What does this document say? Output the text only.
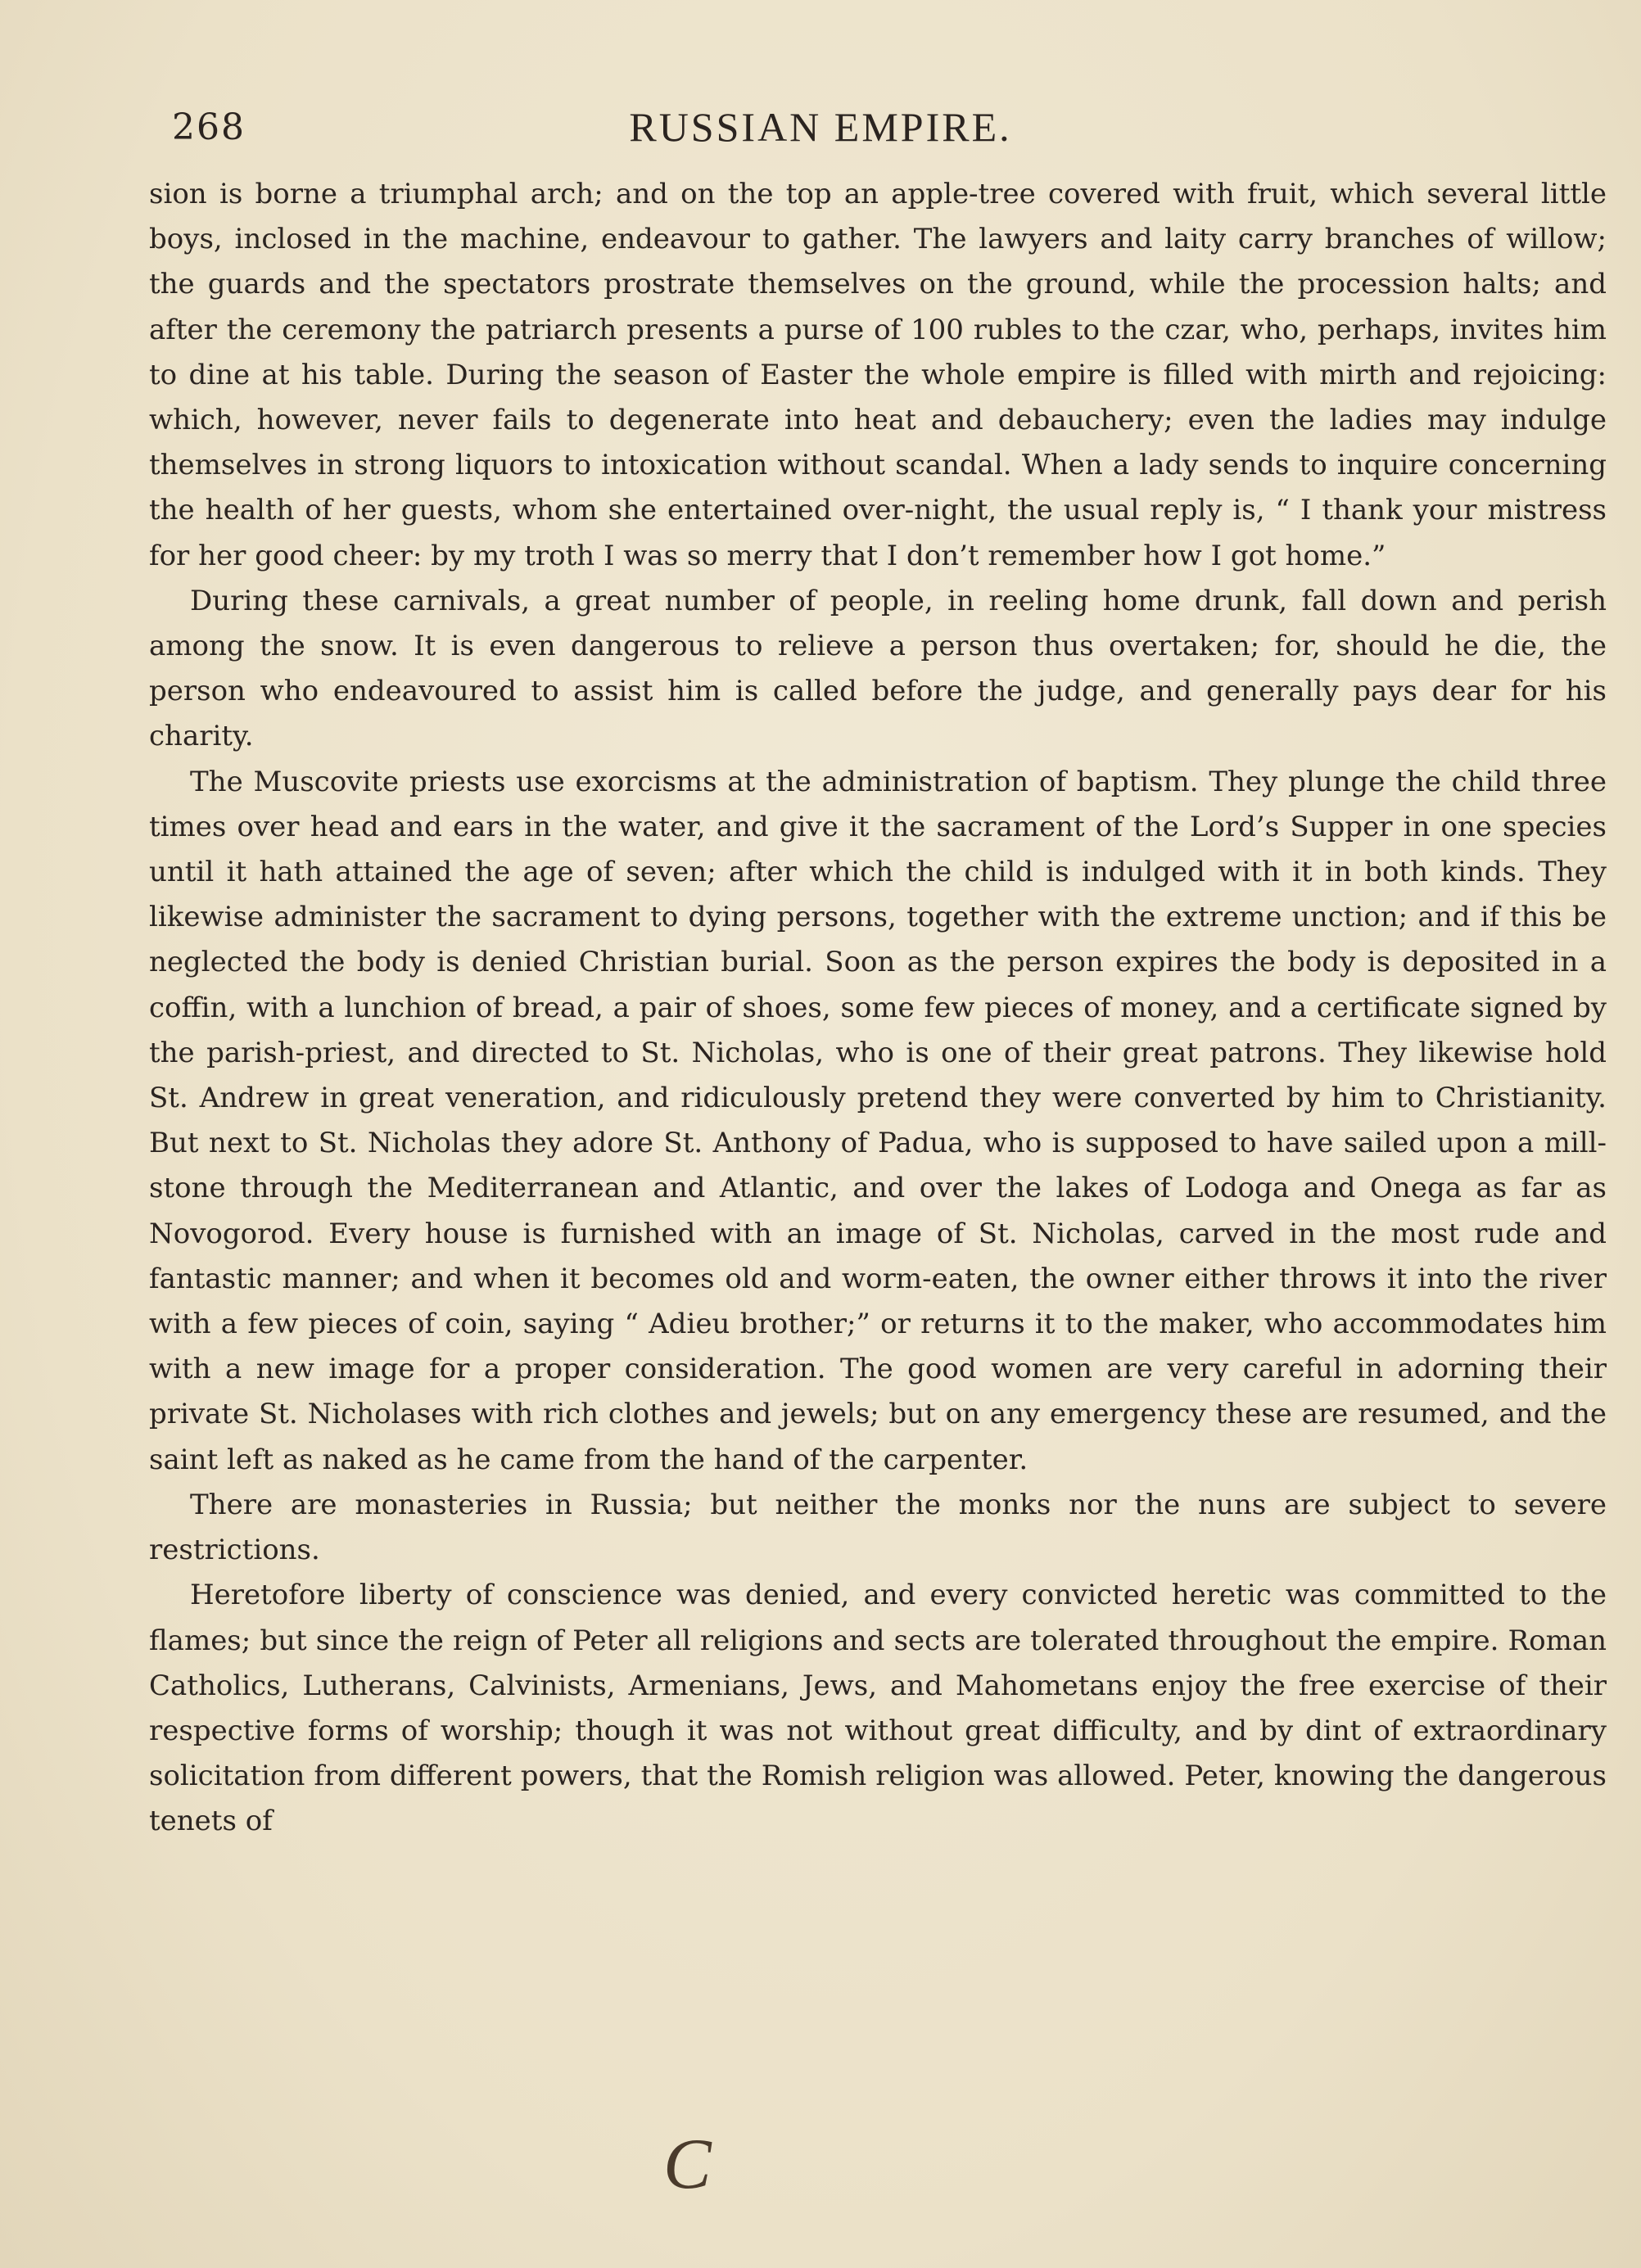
268	RUSSIAN EMPIRE.

sion is borne a triumphal arch; and on the top an apple-tree covered with fruit, which several little boys, inclosed in the machine, endeavour to gather. The lawyers and laity carry branches of willow; the guards and the spectators prostrate themselves on the ground, while the procession halts; and after the ceremony the patriarch presents a purse of 100 rubles to the czar, who, perhaps, invites him to dine at his table. During the season of Easter the whole empire is filled with mirth and rejoicing: which, however, never fails to degenerate into heat and debauchery; even the ladies may indulge themselves in strong liquors to intoxication without scandal. When a lady sends to inquire concerning the health of her guests, whom she entertained over-night, the usual reply is, “ I thank your mistress for her good cheer: by my troth I was so merry that I don’t remember how I got home.”

During these carnivals, a great number of people, in reeling home drunk, fall down and perish among the snow. It is even dangerous to relieve a person thus overtaken; for, should he die, the person who endeavoured to assist him is called before the judge, and generally pays dear for his charity.

The Muscovite priests use exorcisms at the administration of baptism. They plunge the child three times over head and ears in the water, and give it the sacrament of the Lord’s Supper in one species until it hath attained the age of seven; after which the child is indulged with it in both kinds. They likewise administer the sacrament to dying persons, together with the extreme unction; and if this be neglected the body is denied Christian burial. Soon as the person expires the body is deposited in a coffin, with a lunchion of bread, a pair of shoes, some few pieces of money, and a certificate signed by the parish-priest, and directed to St. Nicholas, who is one of their great patrons. They likewise hold St. Andrew in great veneration, and ridiculously pretend they were converted by him to Christianity. But next to St. Nicholas they adore St. Anthony of Padua, who is supposed to have sailed upon a mill-stone through the Mediterranean and Atlantic, and over the lakes of Lodoga and Onega as far as Novogorod. Every house is furnished with an image of St. Nicholas, carved in the most rude and fantastic manner; and when it becomes old and worm-eaten, the owner either throws it into the river with a few pieces of coin, saying “ Adieu brother;” or returns it to the maker, who accommodates him with a new image for a proper consideration. The good women are very careful in adorning their private St. Nicholases with rich clothes and jewels; but on any emergency these are resumed, and the saint left as naked as he came from the hand of the carpenter.

There are monasteries in Russia; but neither the monks nor the nuns are subject to severe restrictions.

Heretofore liberty of conscience was denied, and every convicted heretic was committed to the flames; but since the reign of Peter all religions and sects are tolerated throughout the empire. Roman Catholics, Lutherans, Calvinists, Armenians, Jews, and Mahometans enjoy the free exercise of their respective forms of worship; though it was not without great difficulty, and by dint of extraordinary solicitation from different powers, that the Romish religion was allowed. Peter, knowing the dangerous tenets of

C
